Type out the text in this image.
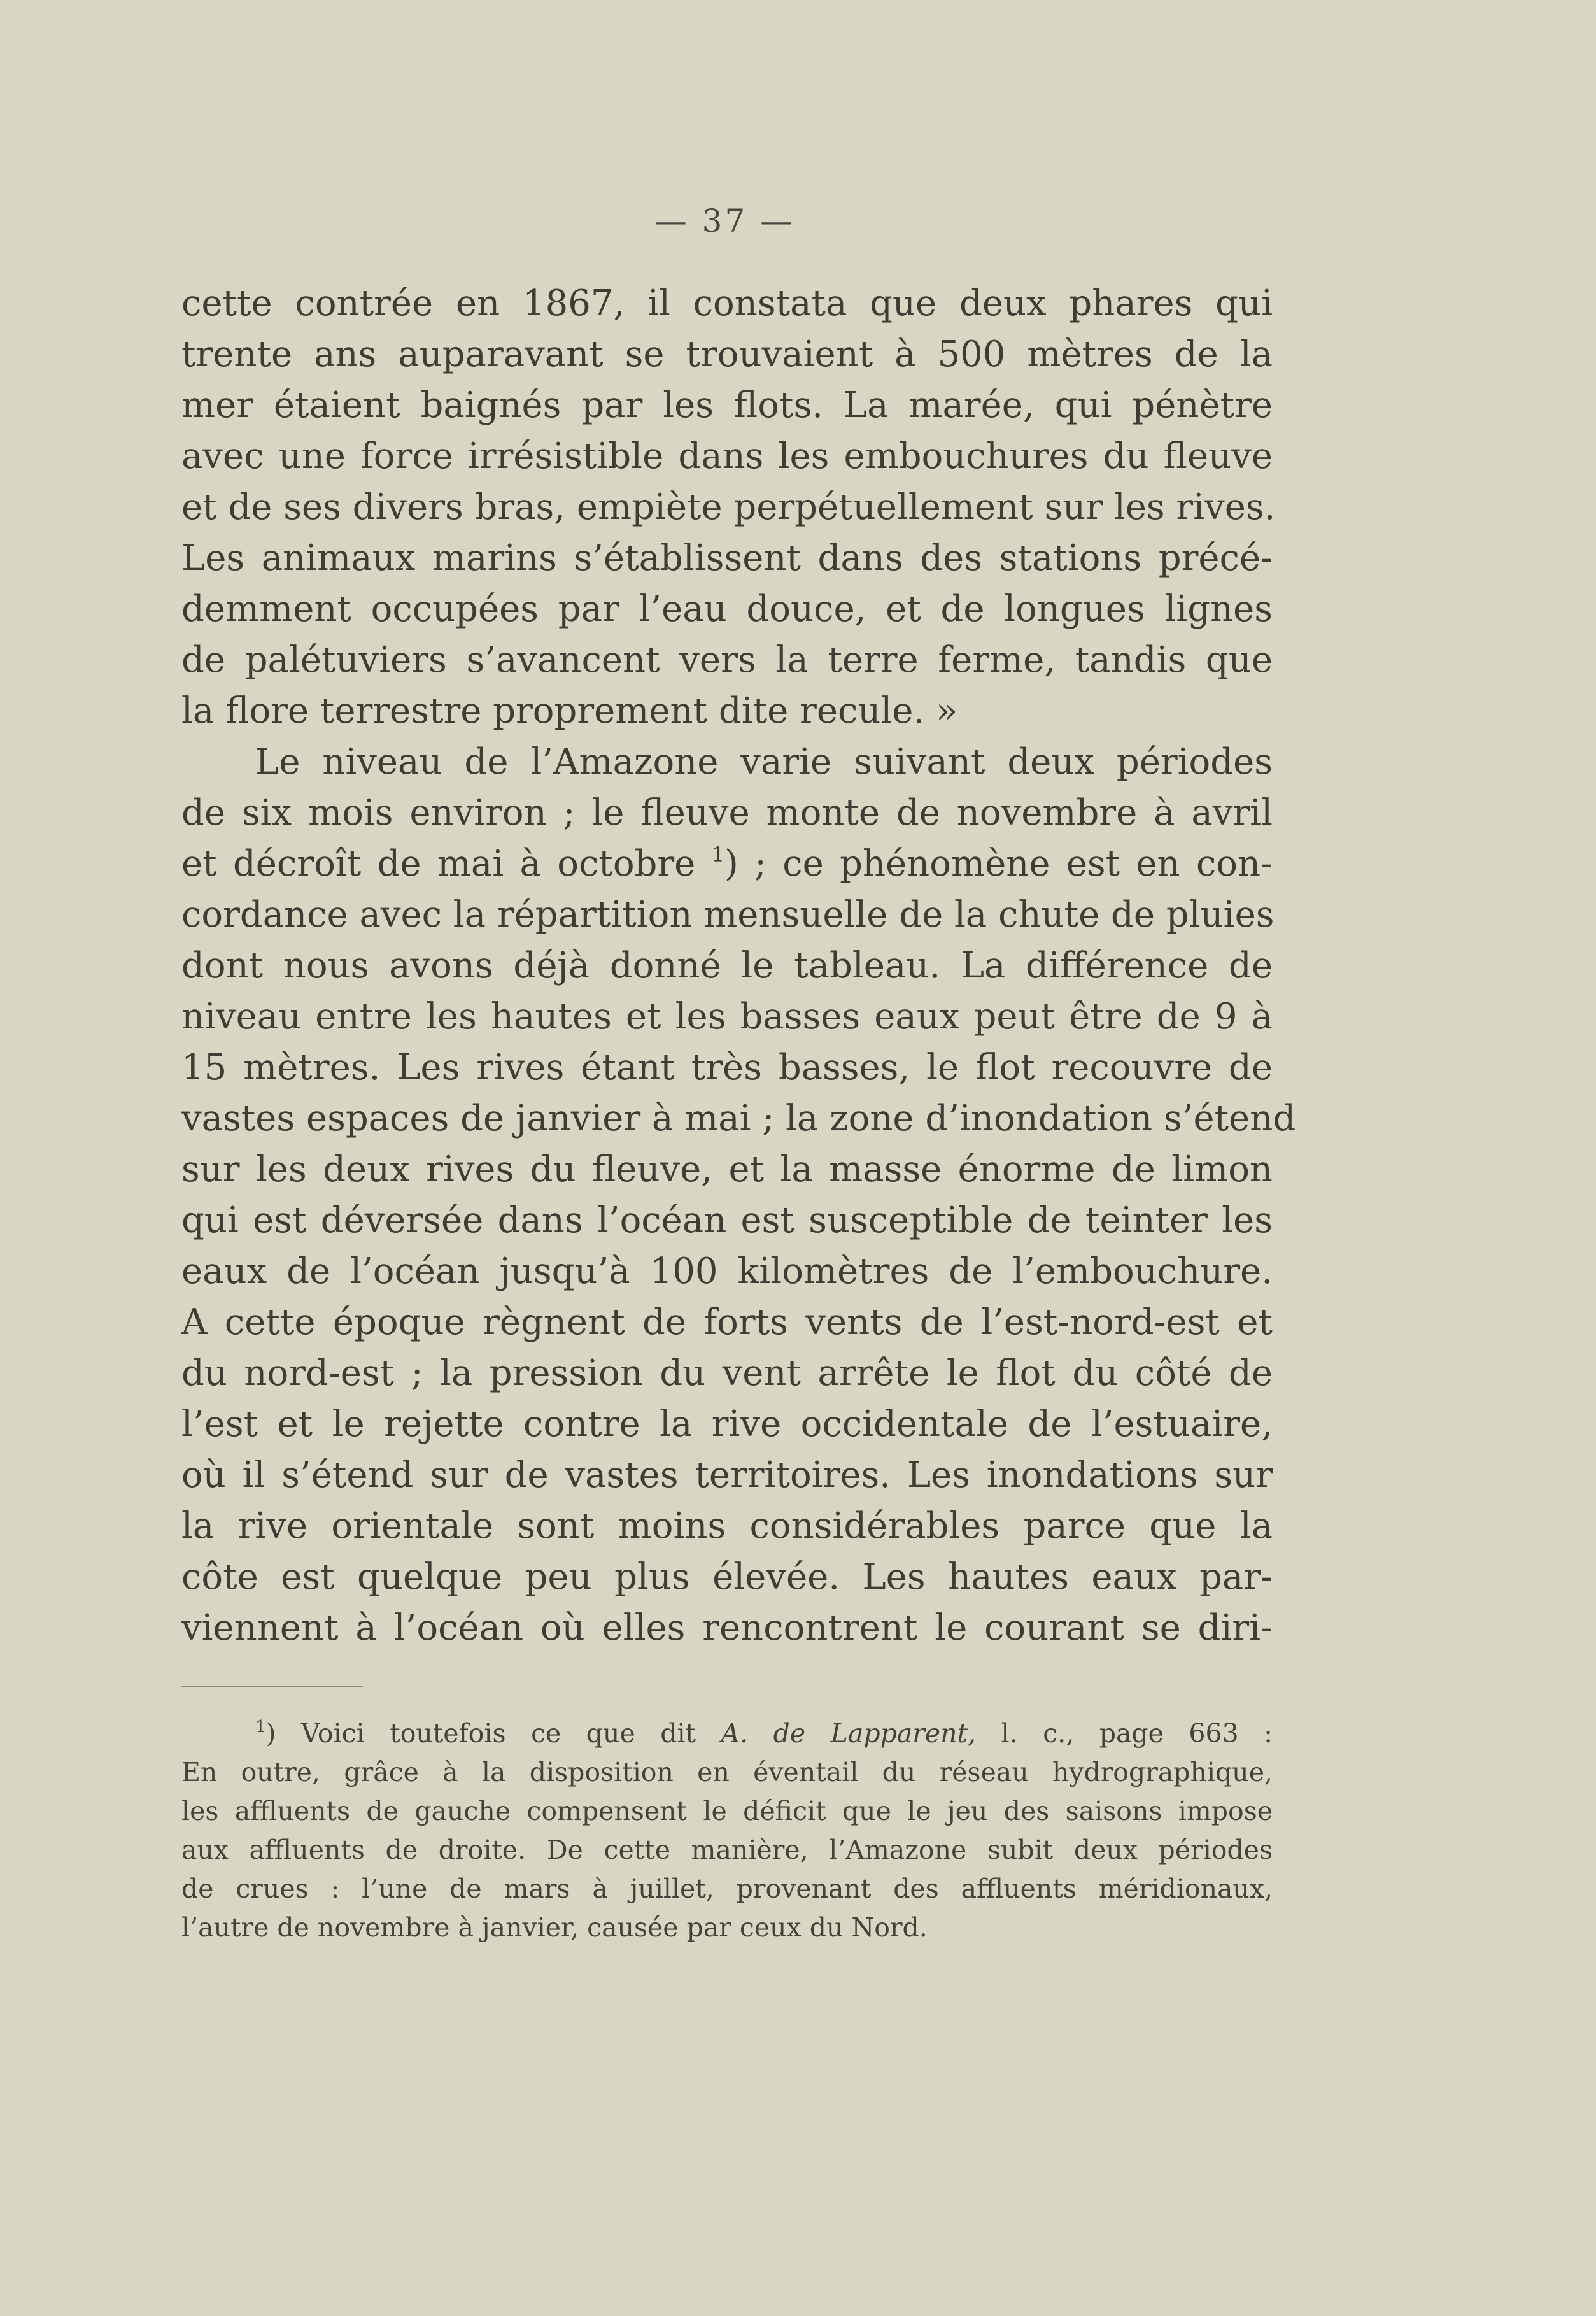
— 37 —
cette contrée en 1867, il constata que deux phares qui
trente ans auparavant se trouvaient à 500 mètres de la
mer étaient baignés par les flots. La marée, qui pénètre
avec une force irrésistible dans les embouchures du fleuve
et de ses divers bras, empiète perpétuellement sur les rives.
Les animaux marins s’établissent dans des stations précé-
demment occupées par l’eau douce, et de longues lignes
de palétuviers s’avancent vers la terre ferme, tandis que
la flore terrestre proprement dite recule. »
Le niveau de l’Amazone varie suivant deux périodes
de six mois environ ; le fleuve monte de novembre à avril
et décroît de mai à octobre $^1$) ; ce phénomène est en con-
cordance avec la répartition mensuelle de la chute de pluies
dont nous avons déjà donné le tableau. La différence de
niveau entre les hautes et les basses eaux peut être de 9 à
15 mètres. Les rives étant très basses, le flot recouvre de
vastes espaces de janvier à mai ; la zone d’inondation s’étend
sur les deux rives du fleuve, et la masse énorme de limon
qui est déversée dans l’océan est susceptible de teinter les
eaux de l’océan jusqu’à 100 kilomètres de l’embouchure.
A cette époque règnent de forts vents de l’est-nord-est et
du nord-est ; la pression du vent arrête le flot du côté de
l’est et le rejette contre la rive occidentale de l’estuaire,
où il s’étend sur de vastes territoires. Les inondations sur
la rive orientale sont moins considérables parce que la
côte est quelque peu plus élevée. Les hautes eaux par-
viennent à l’océan où elles rencontrent le courant se diri-
$^1$) Voici toutefois ce que dit A. de Lapparent, l. c., page 663 :
En outre, grâce à la disposition en éventail du réseau hydrographique,
les affluents de gauche compensent le déficit que le jeu des saisons impose
aux affluents de droite. De cette manière, l’Amazone subit deux périodes
de crues : l’une de mars à juillet, provenant des affluents méridionaux,
l’autre de novembre à janvier, causée par ceux du Nord.
